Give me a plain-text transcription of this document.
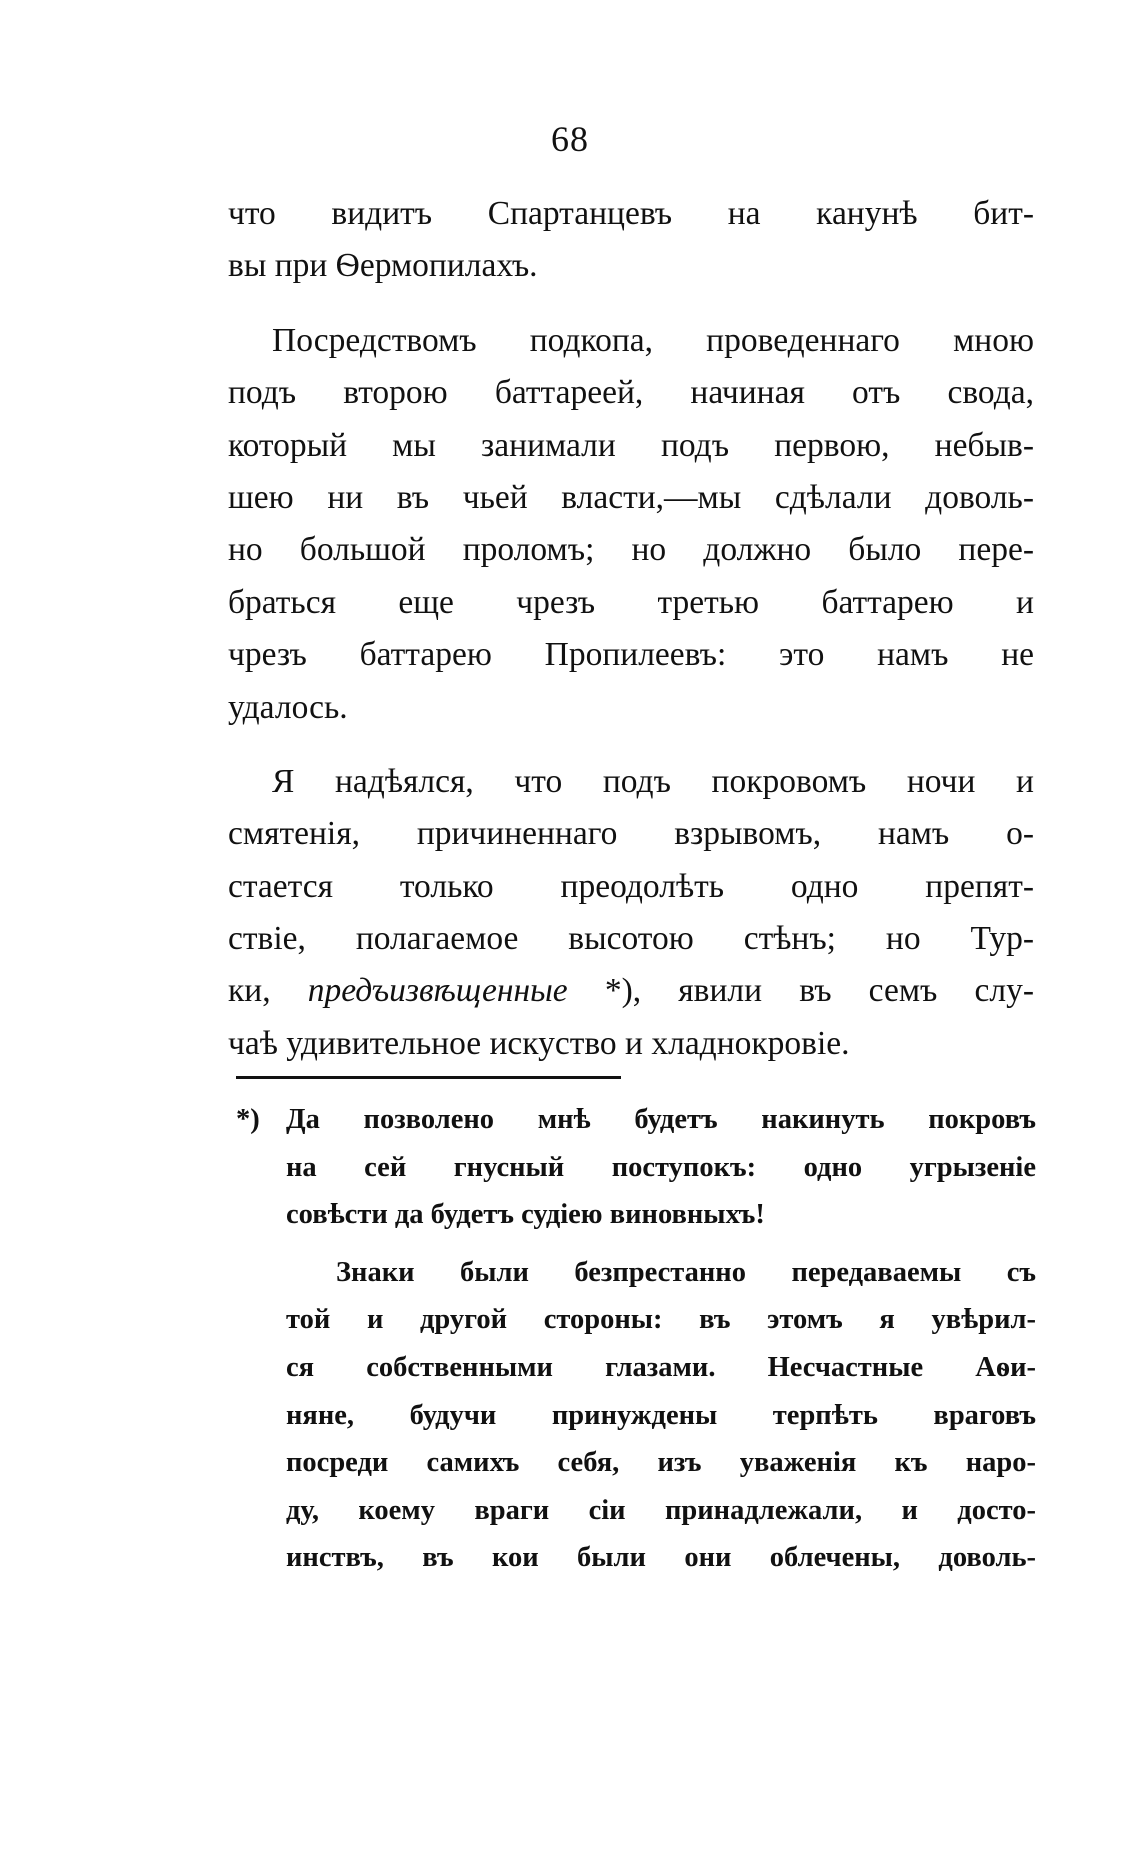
68
что видитъ Спартанцевъ на канунѣ бит-
вы при Ѳермопилахъ.
Посредствомъ подкопа, проведеннаго мною
подъ второю баттареей, начиная отъ свода,
который мы занимали подъ первою, небыв-
шею ни въ чьей власти,—мы сдѣлали доволь-
но большой проломъ; но должно было пере-
браться еще чрезъ третью баттарею и
чрезъ баттарею Пропилеевъ: это намъ не
удалось.
Я надѣялся, что подъ покровомъ ночи и
смятенія, причиненнаго взрывомъ, намъ о-
стается только преодолѣть одно препят-
ствіе, полагаемое высотою стѣнъ; но Тур-
ки, предъизвѣщенные *), явили въ семъ слу-
чаѣ удивительное искуство и хладнокровіе.
*) Да позволено мнѣ будетъ накинуть покровъ
на сей гнусный поступокъ: одно угрызеніе
совѣсти да будетъ судіею виновныхъ!
Знаки были безпрестанно передаваемы съ
той и другой стороны: въ этомъ я увѣрил-
ся собственными глазами. Несчастные Аѳи-
няне, будучи принуждены терпѣть враговъ
посреди самихъ себя, изъ уваженія къ наро-
ду, коему враги сіи принадлежали, и досто-
инствъ, въ кои были они облечены, доволь-
